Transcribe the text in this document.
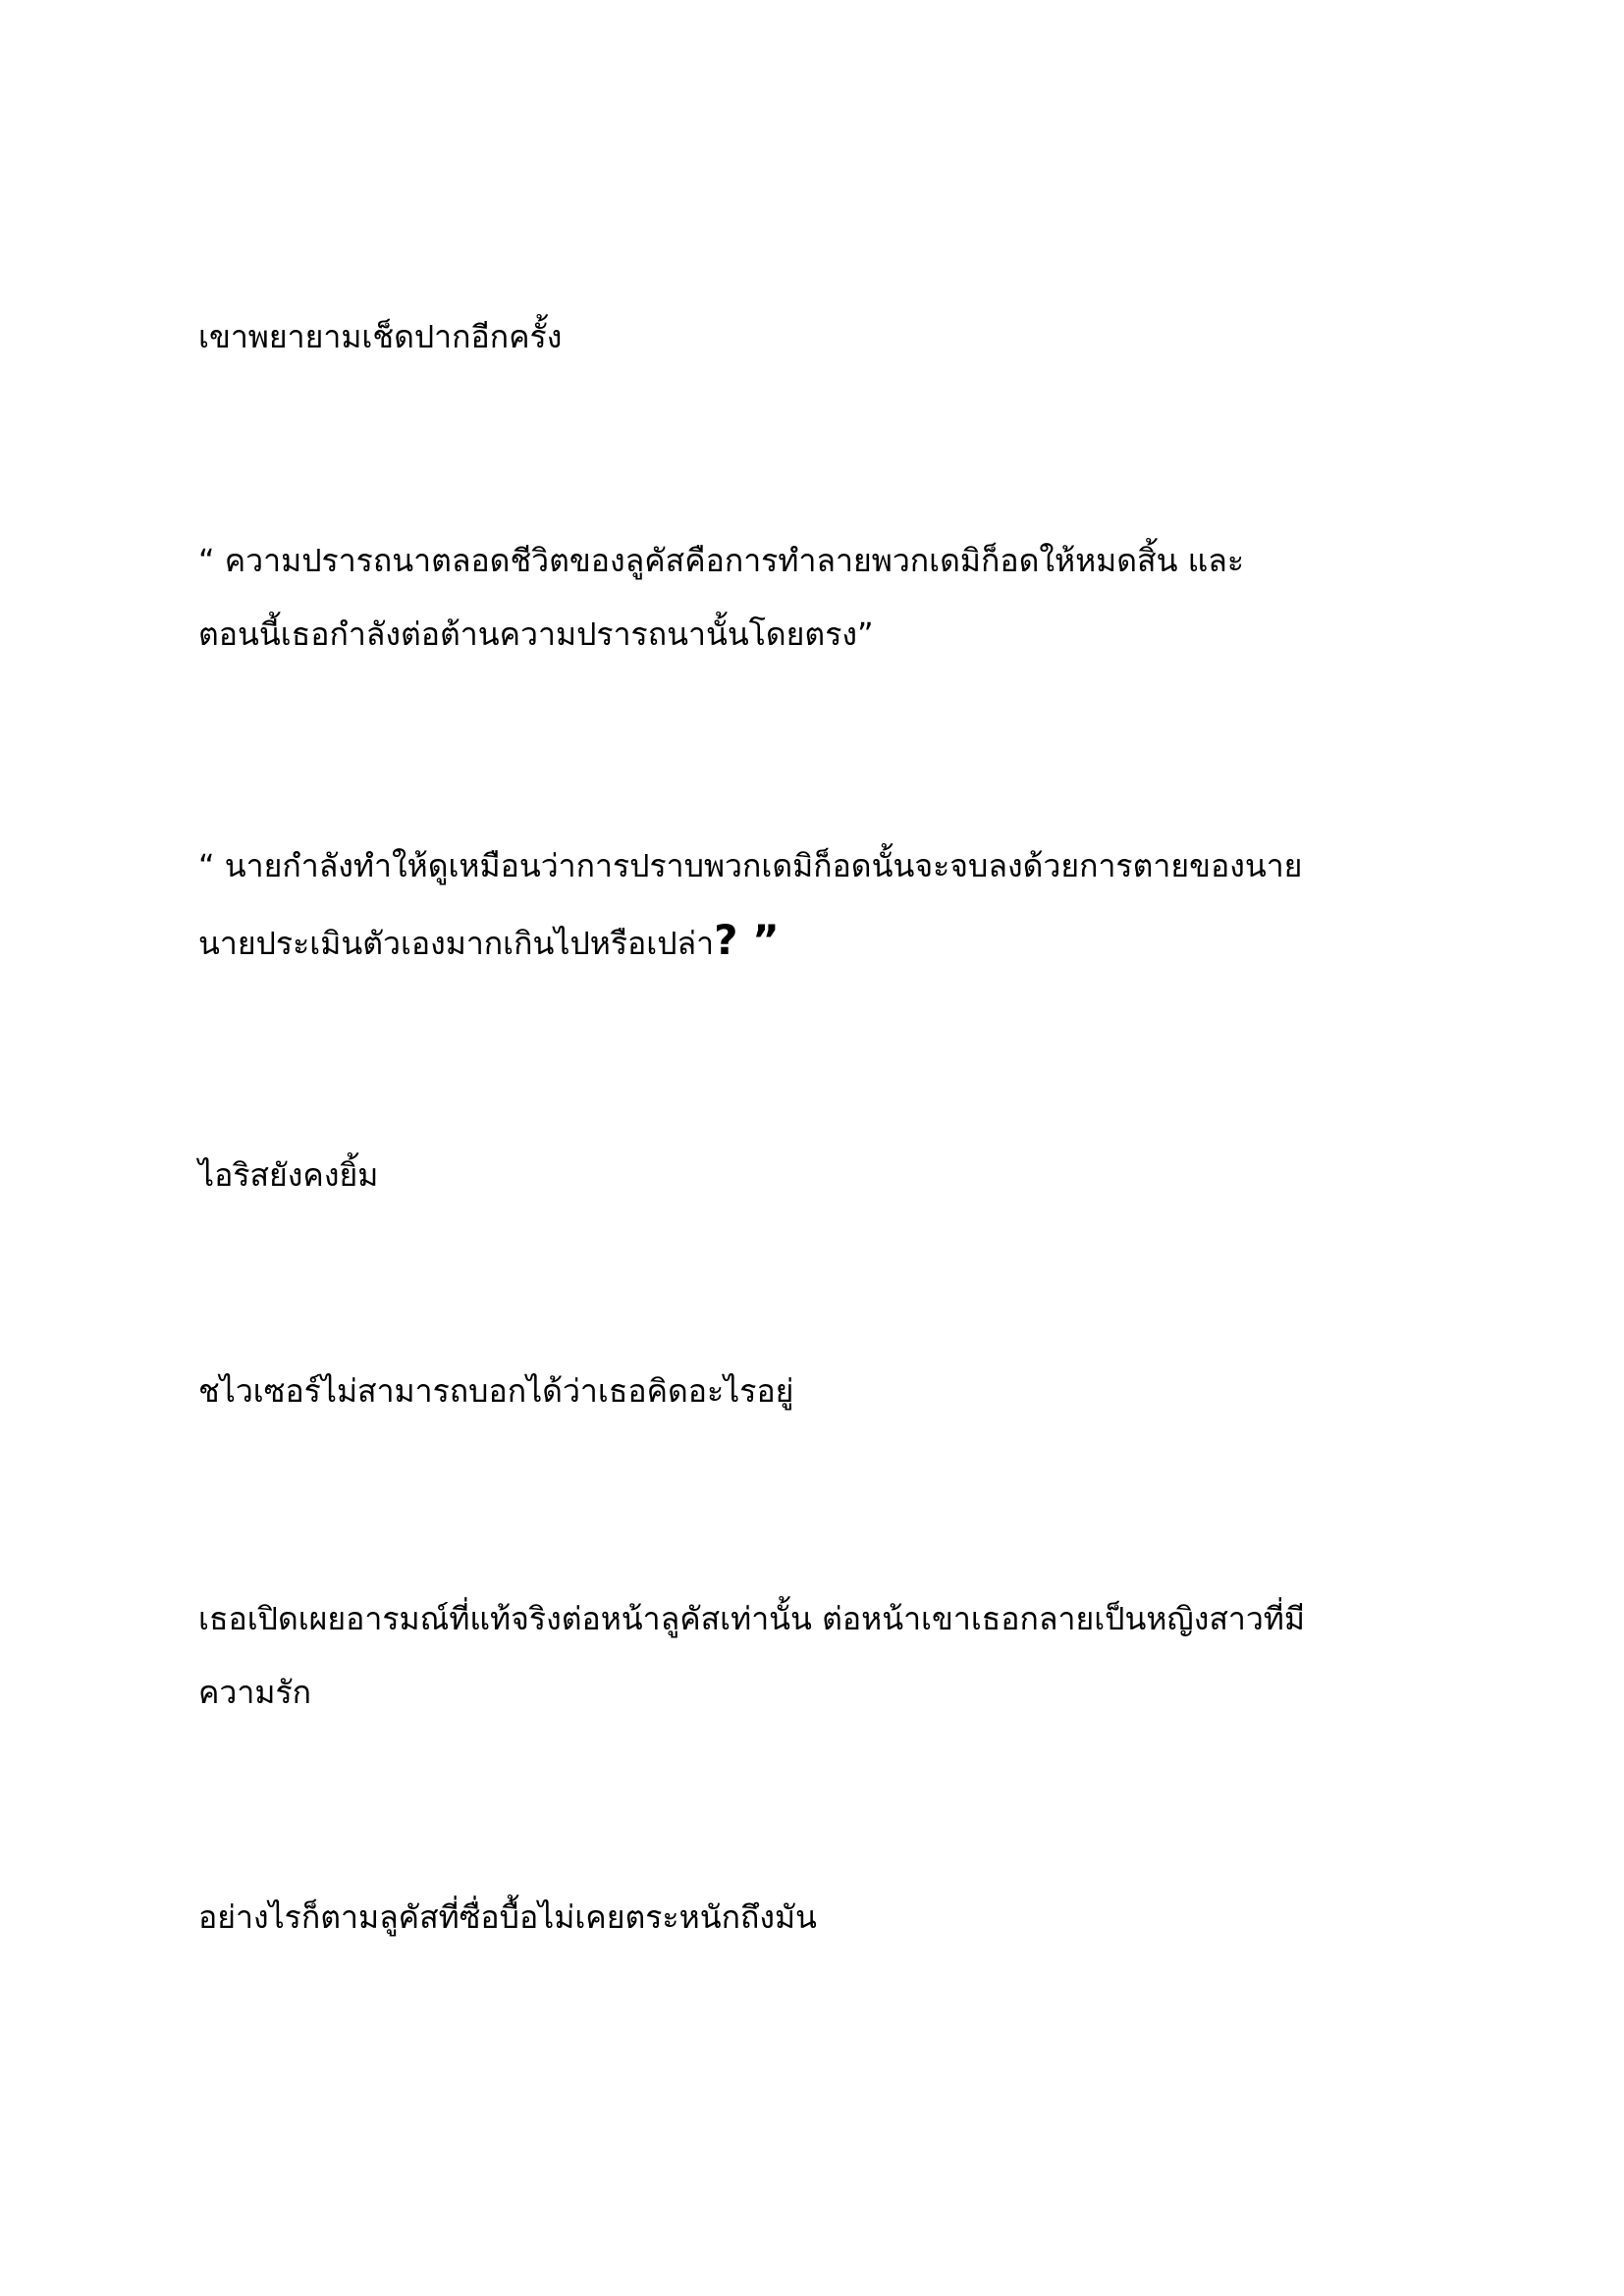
เขาพยายามเช็ดปากอีกครั้ง

“ ความปรารถนาตลอดชีวิตของลูคัสคือการทำลายพวกเดมิก็อดให้หมดสิ้น และ
ตอนนี้เธอกำลังต่อต้านความปรารถนานั้นโดยตรง”

“ นายกำลังทำให้ดูเหมือนว่าการปราบพวกเดมิก็อดนั้นจะจบลงด้วยการตายของนาย
นายประเมินตัวเองมากเกินไปหรือเปล่า? ”

ไอริสยังคงยิ้ม

ชไวเซอร์ไม่สามารถบอกได้ว่าเธอคิดอะไรอยู่

เธอเปิดเผยอารมณ์ที่แท้จริงต่อหน้าลูคัสเท่านั้น ต่อหน้าเขาเธอกลายเป็นหญิงสาวที่มี
ความรัก

อย่างไรก็ตามลูคัสที่ซื่อบื้อไม่เคยตระหนักถึงมัน
